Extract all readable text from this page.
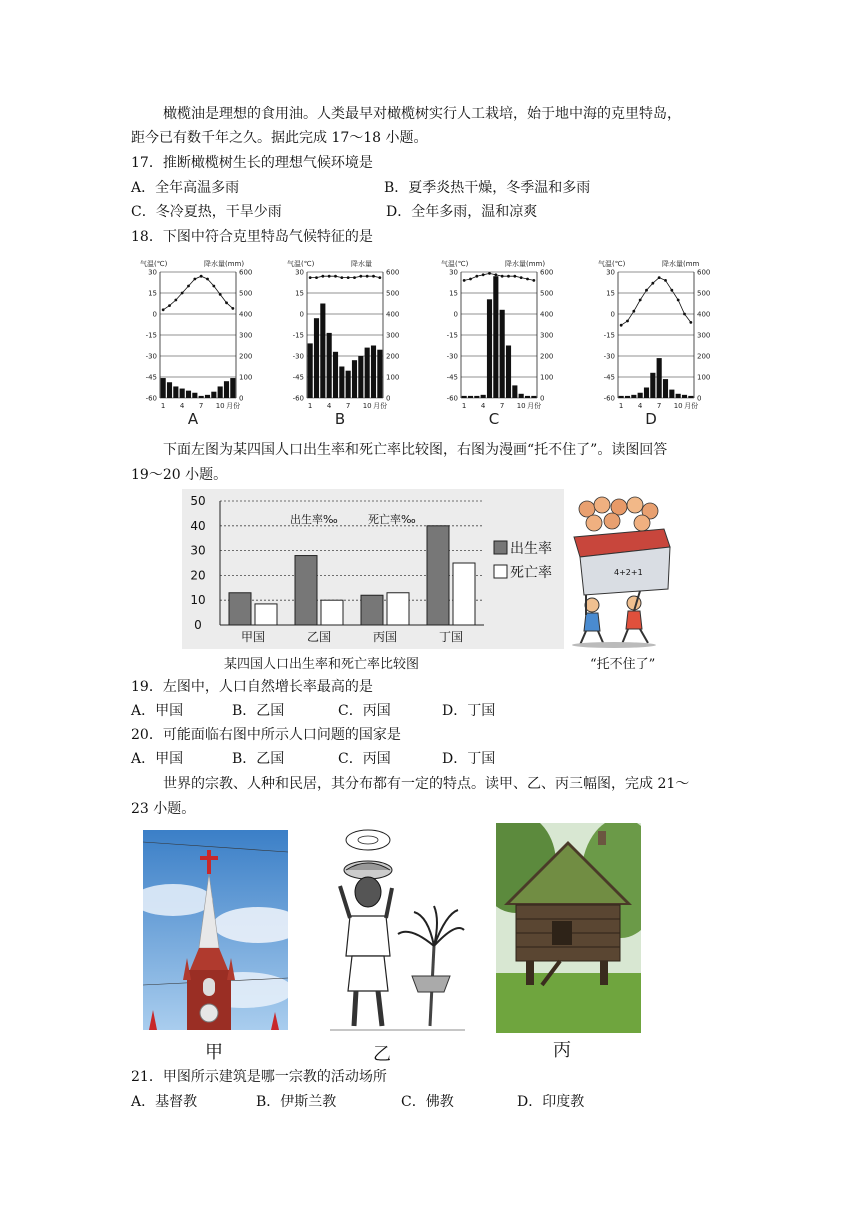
橄榄油是理想的食用油。人类最早对橄榄树实行人工栽培，始于地中海的克里特岛，
距今已有数千年之久。据此完成 17～18 小题。
17．推断橄榄树生长的理想气候环境是
A．全年高温多雨	B．夏季炎热干燥，冬季温和多雨
C．冬冷夏热，干旱少雨	D．全年多雨，温和凉爽
18．下图中符合克里特岛气候特征的是
气温(℃)	降水量(mm)
30	600
15	500
0	400
-15	300
-30	200
-45	100
-60	0
1 4 7 10 月份
A
气温(℃)	降水量
30	600
15	500
0	400
-15	300
-30	200
-45	100
-60	0
1 4 7 10 月份
B
气温(℃)	降水量(mm)
30	600
15	500
0	400
-15	300
-30	200
-45	100
-60	0
1 4 7 10 月份
C
气温(℃)	降水量(mm
30	600
15	500
0	400
-15	300
-30	200
-45	100
-60	0
1 4 7 10 月份
D
下面左图为某四国人口出生率和死亡率比较图，右图为漫画“托不住了”。读图回答
19～20 小题。
0
10
20
30
40
50
甲国	乙国	丙国	丁国
出生率‰	死亡率‰
出生率
死亡率	4+2+1
某四国人口出生率和死亡率比较图	“托不住了”
19．左图中，人口自然增长率最高的是
A．甲国	B．乙国	C．丙国	D．丁国
20．可能面临右图中所示人口问题的国家是
A．甲国	B．乙国	C．丙国	D．丁国
世界的宗教、人种和民居，其分布都有一定的特点。读甲、乙、丙三幅图，完成 21～
23 小题。
甲	乙	丙
21．甲图所示建筑是哪一宗教的活动场所
A．基督教	B．伊斯兰教	C．佛教	D．印度教
